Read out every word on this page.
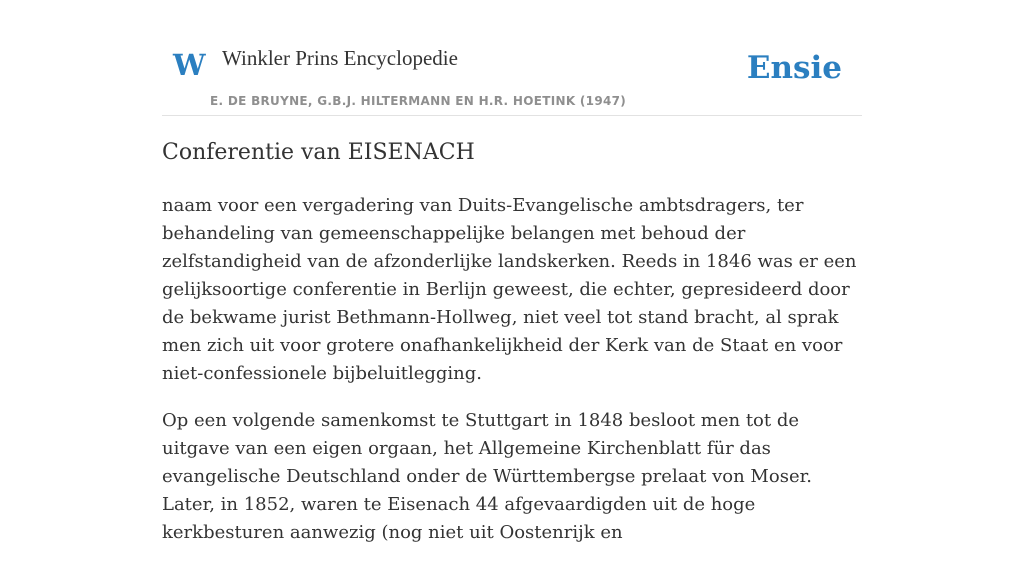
W Winkler Prins Encyclopedie
E. DE BRUYNE, G.B.J. HILTERMANN EN H.R. HOETINK (1947)
Ensie
Conferentie van EISENACH

naam voor een vergadering van Duits-Evangelische ambtsdragers, ter behandeling van gemeenschappelijke belangen met behoud der zelfstandigheid van de afzonderlijke landskerken. Reeds in 1846 was er een gelijksoortige conferentie in Berlijn geweest, die echter, gepresideerd door de bekwame jurist Bethmann-Hollweg, niet veel tot stand bracht, al sprak men zich uit voor grotere onafhankelijkheid der Kerk van de Staat en voor niet-confessionele bijbeluitlegging.

Op een volgende samenkomst te Stuttgart in 1848 besloot men tot de uitgave van een eigen orgaan, het Allgemeine Kirchenblatt für das evangelische Deutschland onder de Württembergse prelaat von Moser. Later, in 1852, waren te Eisenach 44 afgevaardigden uit de hoge kerkbesturen aanwezig (nog niet uit Oostenrijk en
